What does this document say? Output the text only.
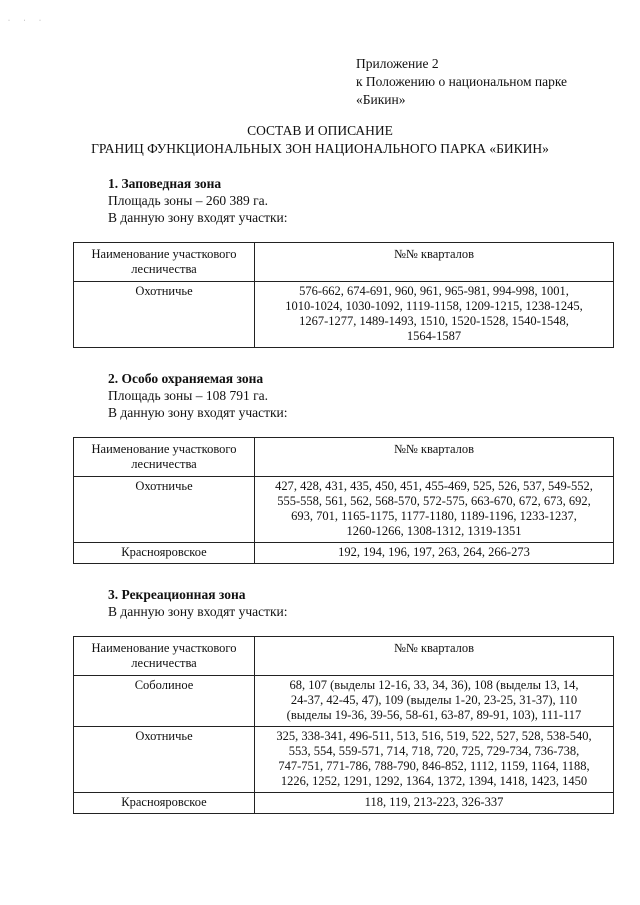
· · ·
Приложение 2
к Положению о национальном парке
«Бикин»
СОСТАВ И ОПИСАНИЕ
ГРАНИЦ ФУНКЦИОНАЛЬНЫХ ЗОН НАЦИОНАЛЬНОГО ПАРКА «БИКИН»
1. Заповедная зона
Площадь зоны – 260 389 га.
В данную зону входят участки:
Наименование участкового
лесничества	№№ кварталов
Охотничье	576-662, 674-691, 960, 961, 965-981, 994-998, 1001,
1010-1024, 1030-1092, 1119-1158, 1209-1215, 1238-1245,
1267-1277, 1489-1493, 1510, 1520-1528, 1540-1548,
1564-1587
2. Особо охраняемая зона
Площадь зоны – 108 791 га.
В данную зону входят участки:
Наименование участкового
лесничества	№№ кварталов
Охотничье	427, 428, 431, 435, 450, 451, 455-469, 525, 526, 537, 549-552,
555-558, 561, 562, 568-570, 572-575, 663-670, 672, 673, 692,
693, 701, 1165-1175, 1177-1180, 1189-1196, 1233-1237,
1260-1266, 1308-1312, 1319-1351

Краснояровское	192, 194, 196, 197, 263, 264, 266-273
3. Рекреационная зона
В данную зону входят участки:
Наименование участкового
лесничества	№№ кварталов
Соболиное	68, 107 (выделы 12-16, 33, 34, 36), 108 (выделы 13, 14,
24-37, 42-45, 47), 109 (выделы 1-20, 23-25, 31-37), 110
(выделы 19-36, 39-56, 58-61, 63-87, 89-91, 103), 111-117

Охотничье	325, 338-341, 496-511, 513, 516, 519, 522, 527, 528, 538-540,
553, 554, 559-571, 714, 718, 720, 725, 729-734, 736-738,
747-751, 771-786, 788-790, 846-852, 1112, 1159, 1164, 1188,
1226, 1252, 1291, 1292, 1364, 1372, 1394, 1418, 1423, 1450

Краснояровское	118, 119, 213-223, 326-337
